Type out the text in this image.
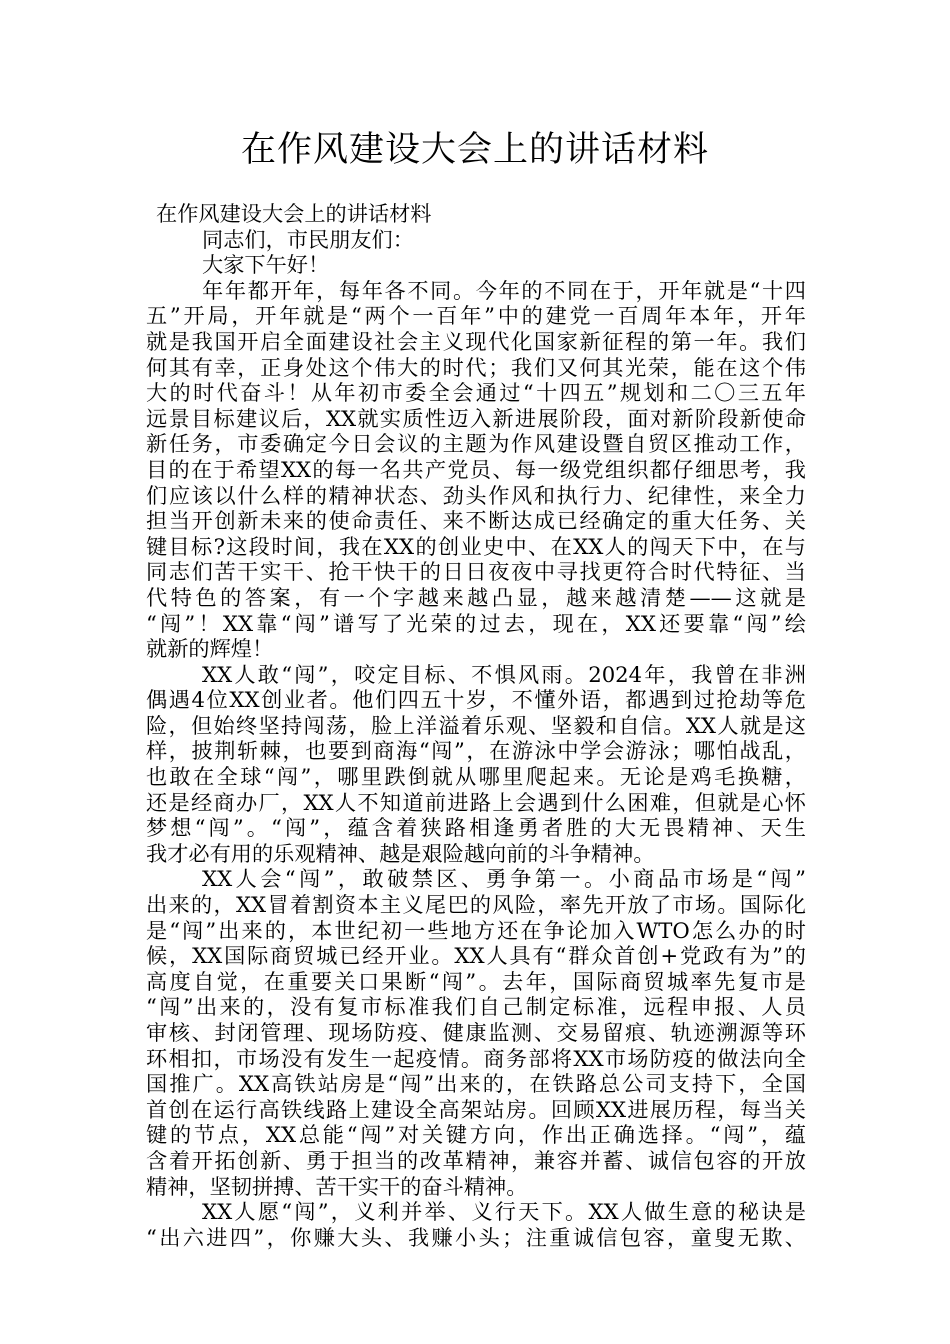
在作风建设大会上的讲话材料
在作风建设大会上的讲话材料
同志们，市民朋友们：
大家下午好！
年年都开年，每年各不同。今年的不同在于，开年就是“十四
五”开局，开年就是“两个一百年”中的建党一百周年本年，开年
就是我国开启全面建设社会主义现代化国家新征程的第一年。我们
何其有幸，正身处这个伟大的时代；我们又何其光荣，能在这个伟
大的时代奋斗！从年初市委全会通过“十四五”规划和二〇三五年
远景目标建议后，XX就实质性迈入新进展阶段，面对新阶段新使命
新任务，市委确定今日会议的主题为作风建设暨自贸区推动工作，
目的在于希望XX的每一名共产党员、每一级党组织都仔细思考，我
们应该以什么样的精神状态、劲头作风和执行力、纪律性，来全力
担当开创新未来的使命责任、来不断达成已经确定的重大任务、关
键目标?这段时间，我在XX的创业史中、在XX人的闯天下中，在与
同志们苦干实干、抢干快干的日日夜夜中寻找更符合时代特征、当
代特色的答案，有一个字越来越凸显，越来越清楚——这就是
“闯”！XX靠“闯”谱写了光荣的过去，现在，XX还要靠“闯”绘
就新的辉煌！
XX人敢“闯”，咬定目标、不惧风雨。2024年，我曾在非洲
偶遇4位XX创业者。他们四五十岁，不懂外语，都遇到过抢劫等危
险，但始终坚持闯荡，脸上洋溢着乐观、坚毅和自信。XX人就是这
样，披荆斩棘，也要到商海“闯”，在游泳中学会游泳；哪怕战乱，
也敢在全球“闯”，哪里跌倒就从哪里爬起来。无论是鸡毛换糖，
还是经商办厂，XX人不知道前进路上会遇到什么困难，但就是心怀
梦想“闯”。“闯”，蕴含着狭路相逢勇者胜的大无畏精神、天生
我才必有用的乐观精神、越是艰险越向前的斗争精神。
XX人会“闯”，敢破禁区、勇争第一。小商品市场是“闯”
出来的，XX冒着割资本主义尾巴的风险，率先开放了市场。国际化
是“闯”出来的，本世纪初一些地方还在争论加入WTO怎么办的时
候，XX国际商贸城已经开业。XX人具有“群众首创+党政有为”的
高度自觉，在重要关口果断“闯”。去年，国际商贸城率先复市是
“闯”出来的，没有复市标准我们自己制定标准，远程申报、人员
审核、封闭管理、现场防疫、健康监测、交易留痕、轨迹溯源等环
环相扣，市场没有发生一起疫情。商务部将XX市场防疫的做法向全
国推广。XX高铁站房是“闯”出来的，在铁路总公司支持下，全国
首创在运行高铁线路上建设全高架站房。回顾XX进展历程，每当关
键的节点，XX总能“闯”对关键方向，作出正确选择。“闯”，蕴
含着开拓创新、勇于担当的改革精神，兼容并蓄、诚信包容的开放
精神，坚韧拼搏、苦干实干的奋斗精神。
XX人愿“闯”，义利并举、义行天下。XX人做生意的秘诀是
“出六进四”，你赚大头、我赚小头；注重诚信包容，童叟无欺、
